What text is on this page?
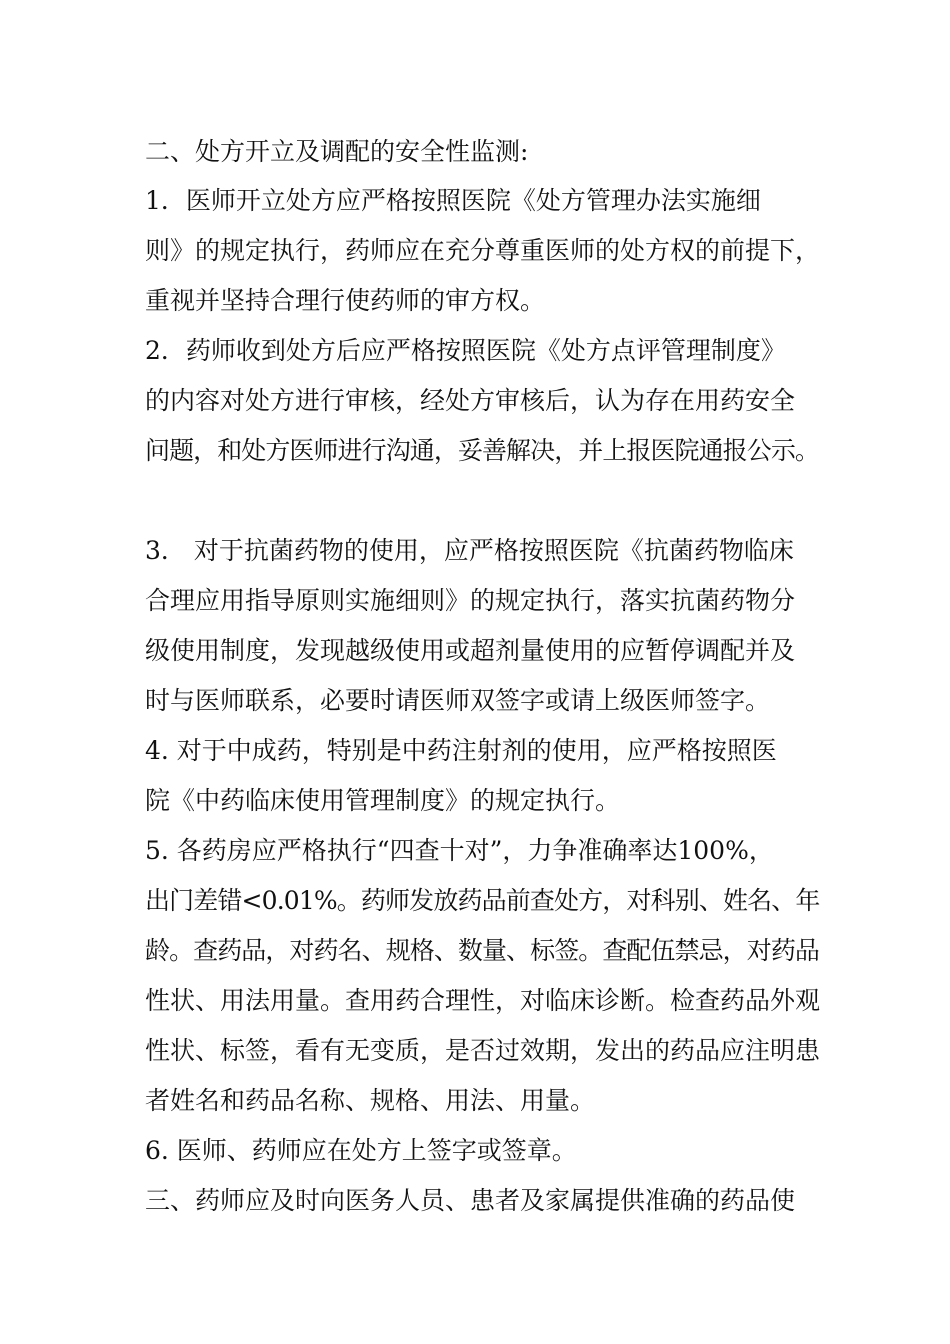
二、处方开立及调配的安全性监测:
1．医师开立处方应严格按照医院《处方管理办法实施细
则》的规定执行，药师应在充分尊重医师的处方权的前提下，
重视并坚持合理行使药师的审方权。
2．药师收到处方后应严格按照医院《处方点评管理制度》
的内容对处方进行审核，经处方审核后，认为存在用药安全
问题，和处方医师进行沟通，妥善解决，并上报医院通报公示。
3． 对于抗菌药物的使用，应严格按照医院《抗菌药物临床
合理应用指导原则实施细则》的规定执行，落实抗菌药物分
级使用制度，发现越级使用或超剂量使用的应暂停调配并及
时与医师联系，必要时请医师双签字或请上级医师签字。
4. 对于中成药，特别是中药注射剂的使用，应严格按照医
院《中药临床使用管理制度》的规定执行。
5. 各药房应严格执行“四查十对”，力争准确率达100%，
出门差错<0.01%。药师发放药品前查处方，对科别、姓名、年
龄。查药品，对药名、规格、数量、标签。查配伍禁忌，对药品
性状、用法用量。查用药合理性，对临床诊断。检查药品外观
性状、标签，看有无变质，是否过效期，发出的药品应注明患
者姓名和药品名称、规格、用法、用量。
6. 医师、药师应在处方上签字或签章。
三、药师应及时向医务人员、患者及家属提供准确的药品使
